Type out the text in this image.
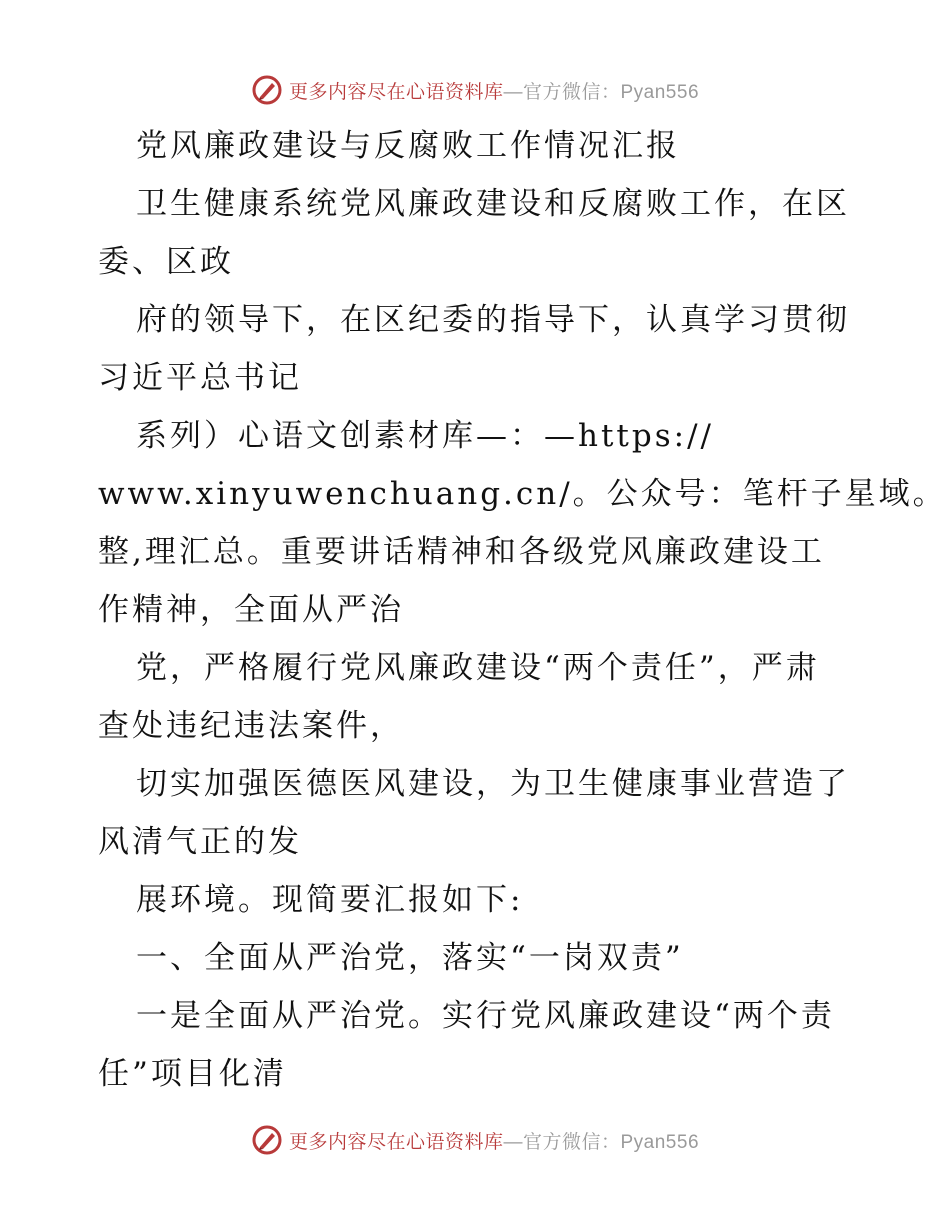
更多内容尽在心语资料库—官方微信：Pyan556
党风廉政建设与反腐败工作情况汇报
卫生健康系统党风廉政建设和反腐败工作，在区
委、区政
府的领导下，在区纪委的指导下，认真学习贯彻
习近平总书记
系列）心语文创素材库—：—https://
www.xinyuwenchuang.cn/。公众号：笔杆子星域。
整,理汇总。重要讲话精神和各级党风廉政建设工
作精神，全面从严治
党，严格履行党风廉政建设“两个责任”，严肃
查处违纪违法案件，
切实加强医德医风建设，为卫生健康事业营造了
风清气正的发
展环境。现简要汇报如下:
一、全面从严治党，落实“一岗双责”
一是全面从严治党。实行党风廉政建设“两个责
任”项目化清
更多内容尽在心语资料库—官方微信：Pyan556
